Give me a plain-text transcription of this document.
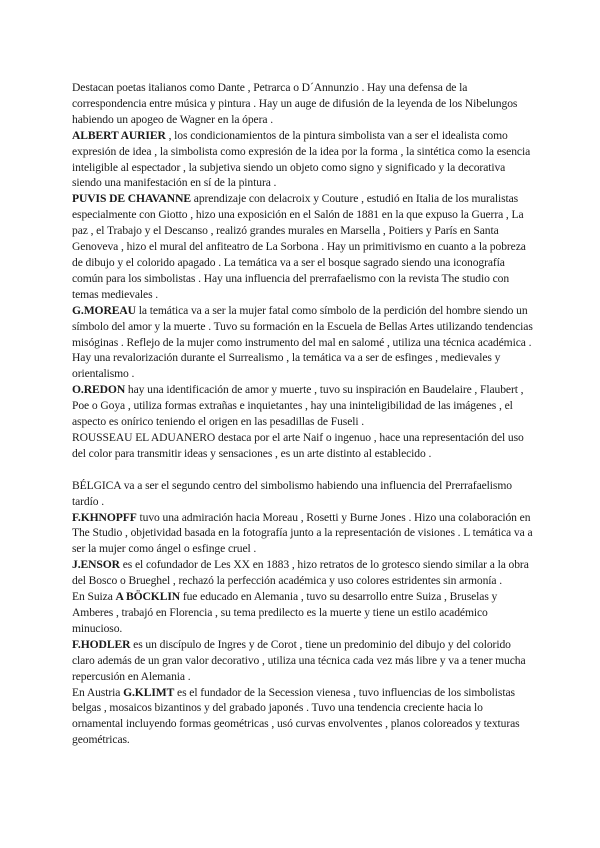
Destacan poetas italianos como Dante , Petrarca o D´Annunzio . Hay una defensa de la correspondencia entre música y pintura . Hay un auge de difusión de la leyenda de los Nibelungos habiendo un apogeo de Wagner en la ópera .

ALBERT AURIER , los condicionamientos de la pintura simbolista van a ser el idealista como expresión de idea , la simbolista como expresión de la idea por la forma , la sintética como la esencia inteligible al espectador , la subjetiva siendo un objeto como signo y significado y la decorativa siendo una manifestación en sí de la pintura .

PUVIS DE CHAVANNE aprendizaje con delacroix y Couture , estudió en Italia de los muralistas especialmente con Giotto , hizo una exposición en el Salón de 1881 en la que expuso la Guerra , La paz , el Trabajo y el Descanso , realizó grandes murales en Marsella , Poitiers y París en Santa Genoveva , hizo el mural del anfiteatro de La Sorbona . Hay un primitivismo en cuanto a la pobreza de dibujo y el colorido apagado . La temática va a ser el bosque sagrado siendo una iconografía común para los simbolistas . Hay una influencia del prerrafaelismo con la revista The studio con temas medievales .

G.MOREAU la temática va a ser la mujer fatal como símbolo de la perdición del hombre siendo un símbolo del amor y la muerte . Tuvo su formación en la Escuela de Bellas Artes utilizando tendencias misóginas . Reflejo de la mujer como instrumento del mal en salomé , utiliza una técnica académica . Hay una revalorización durante el Surrealismo , la temática va a ser de esfinges , medievales y orientalismo .

O.REDON hay una identificación de amor y muerte , tuvo su inspiración en Baudelaire , Flaubert , Poe o Goya , utiliza formas extrañas e inquietantes , hay una ininteligibilidad de las imágenes , el aspecto es onírico teniendo el origen en las pesadillas de Fuseli .

ROUSSEAU EL ADUANERO destaca por el arte Naif o ingenuo , hace una representación del uso del color para transmitir ideas y sensaciones , es un arte distinto al establecido .

BÉLGICA va a ser el segundo centro del simbolismo habiendo una influencia del Prerrafaelismo tardío .

F.KHNOPFF tuvo una admiración hacia Moreau , Rosetti y Burne Jones . Hizo una colaboración en The Studio , objetividad basada en la fotografía junto a la representación de visiones . L temática va a ser la mujer como ángel o esfinge cruel .

J.ENSOR es el cofundador de Les XX en 1883 , hizo retratos de lo grotesco siendo similar a la obra del Bosco o Brueghel , rechazó la perfección académica y uso colores estridentes sin armonía .

En Suiza A BÖCKLIN fue educado en Alemania , tuvo su desarrollo entre Suiza , Bruselas y Amberes , trabajó en Florencia , su tema predilecto es la muerte y tiene un estilo académico minucioso.

F.HODLER es un discípulo de Ingres y de Corot , tiene un predominio del dibujo y del colorido claro además de un gran valor decorativo , utiliza una técnica cada vez más libre y va a tener mucha repercusión en Alemania .

En Austria G.KLIMT es el fundador de la Secession vienesa , tuvo influencias de los simbolistas belgas , mosaicos bizantinos y del grabado japonés . Tuvo una tendencia creciente hacia lo ornamental incluyendo formas geométricas , usó curvas envolventes , planos coloreados y texturas geométricas.
